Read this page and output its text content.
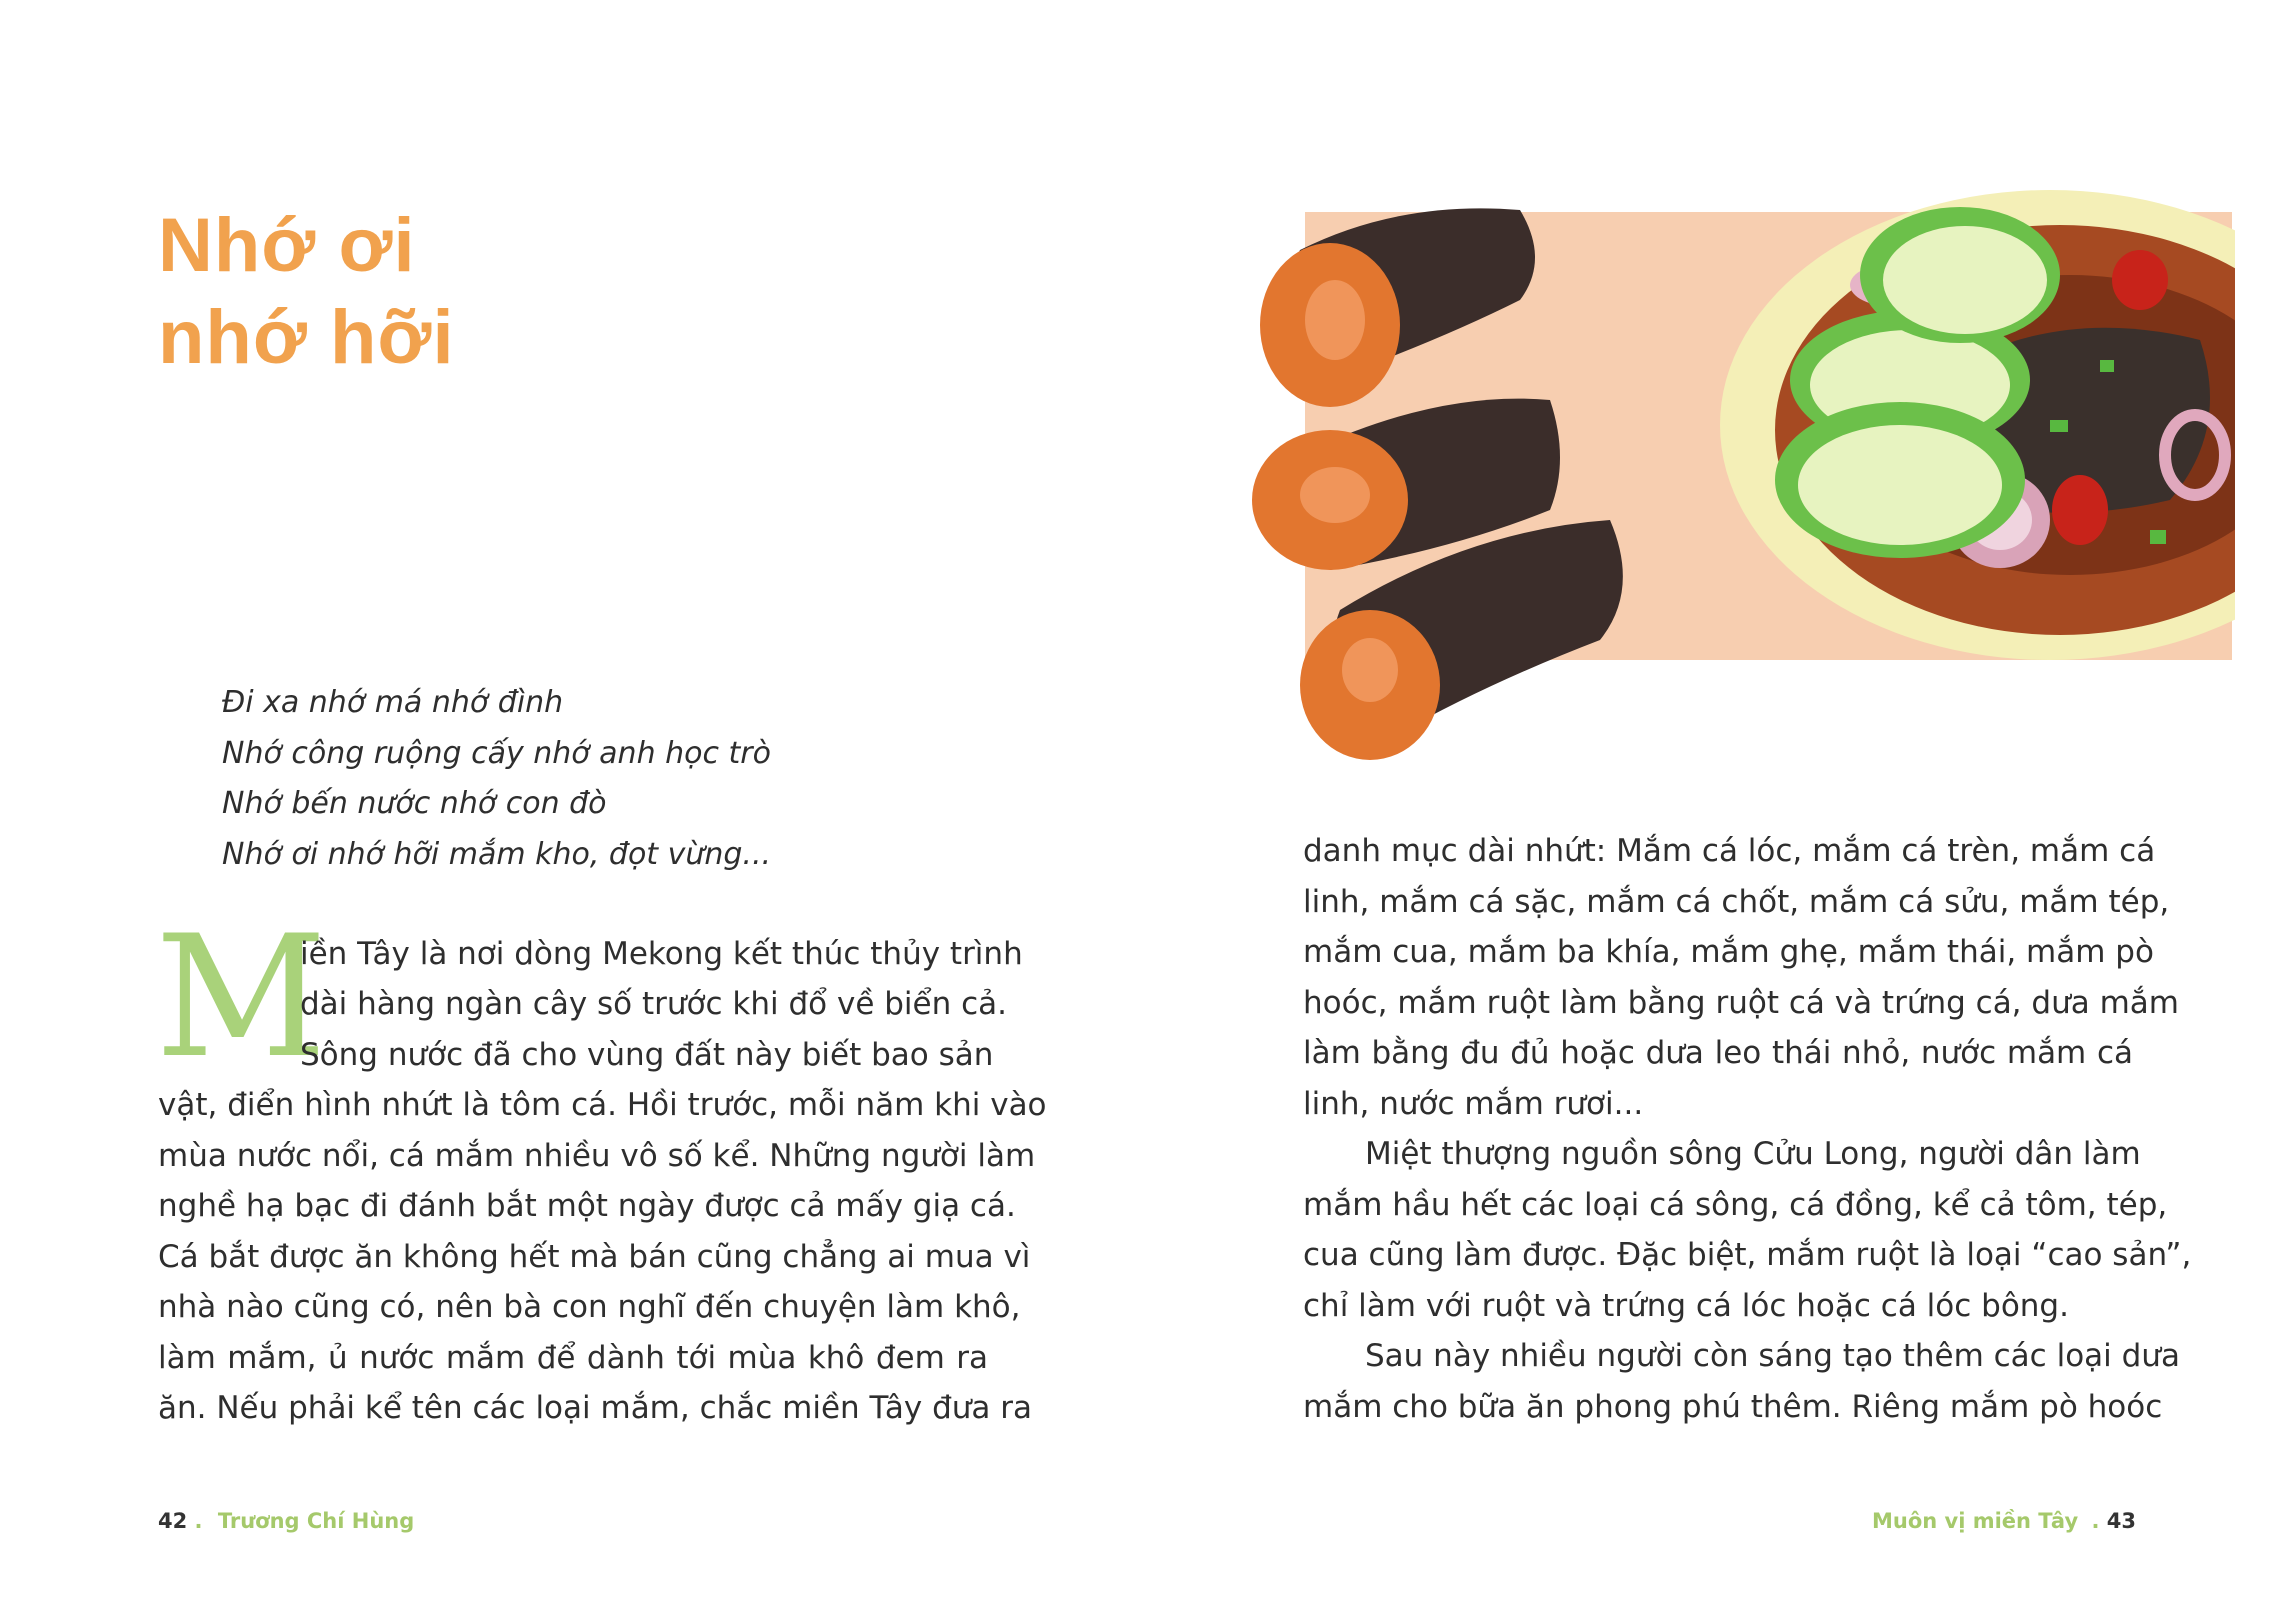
Nhớ ơi
nhớ hỡi
Đi xa nhớ má nhớ đình
Nhớ công ruộng cấy nhớ anh học trò
Nhớ bến nước nhớ con đò
Nhớ ơi nhớ hỡi mắm kho, đọt vừng...
M
iền Tây là nơi dòng Mekong kết thúc thủy trình
dài hàng ngàn cây số trước khi đổ về biển cả.
Sông nước đã cho vùng đất này biết bao sản
vật, điển hình nhứt là tôm cá. Hồi trước, mỗi năm khi vào
mùa nước nổi, cá mắm nhiều vô số kể. Những người làm
nghề hạ bạc đi đánh bắt một ngày được cả mấy giạ cá.
Cá bắt được ăn không hết mà bán cũng chẳng ai mua vì
nhà nào cũng có, nên bà con nghĩ đến chuyện làm khô,
làm mắm, ủ nước mắm để dành tới mùa khô đem ra
ăn. Nếu phải kể tên các loại mắm, chắc miền Tây đưa ra
42 . Trương Chí Hùng
danh mục dài nhứt: Mắm cá lóc, mắm cá trèn, mắm cá
linh, mắm cá sặc, mắm cá chốt, mắm cá sửu, mắm tép,
mắm cua, mắm ba khía, mắm ghẹ, mắm thái, mắm pò
hoóc, mắm ruột làm bằng ruột cá và trứng cá, dưa mắm
làm bằng đu đủ hoặc dưa leo thái nhỏ, nước mắm cá
linh, nước mắm rươi...
Miệt thượng nguồn sông Cửu Long, người dân làm
mắm hầu hết các loại cá sông, cá đồng, kể cả tôm, tép,
cua cũng làm được. Đặc biệt, mắm ruột là loại “cao sản”,
chỉ làm với ruột và trứng cá lóc hoặc cá lóc bông.
Sau này nhiều người còn sáng tạo thêm các loại dưa
mắm cho bữa ăn phong phú thêm. Riêng mắm pò hoóc
Muôn vị miền Tây . 43
